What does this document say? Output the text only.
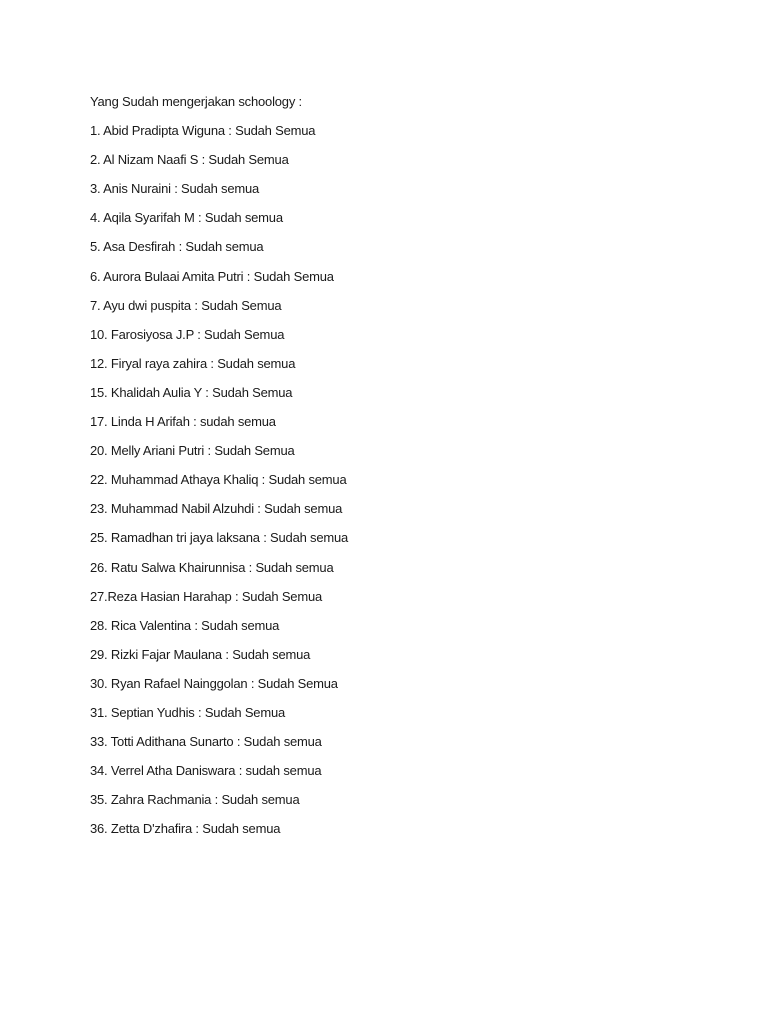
Yang Sudah mengerjakan schoology :
1. Abid Pradipta Wiguna : Sudah Semua
2. Al Nizam Naafi S : Sudah Semua
3. Anis Nuraini : Sudah semua
4. Aqila Syarifah M : Sudah semua
5. Asa Desfirah : Sudah semua
6. Aurora Bulaai Amita Putri : Sudah Semua
7. Ayu dwi puspita : Sudah Semua
10. Farosiyosa J.P : Sudah Semua
12. Firyal raya zahira : Sudah semua
15. Khalidah Aulia Y : Sudah Semua
17. Linda H Arifah : sudah semua
20. Melly Ariani Putri : Sudah Semua
22. Muhammad Athaya Khaliq : Sudah semua
23. Muhammad Nabil Alzuhdi : Sudah semua
25. Ramadhan tri jaya laksana : Sudah semua
26. Ratu Salwa Khairunnisa : Sudah semua
27.Reza Hasian Harahap : Sudah Semua
28. Rica Valentina : Sudah semua
29. Rizki Fajar Maulana : Sudah semua
30. Ryan Rafael Nainggolan : Sudah Semua
31. Septian Yudhis : Sudah Semua
33. Totti Adithana Sunarto : Sudah semua
34. Verrel Atha Daniswara : sudah semua
35. Zahra Rachmania : Sudah semua
36. Zetta D'zhafira : Sudah semua
